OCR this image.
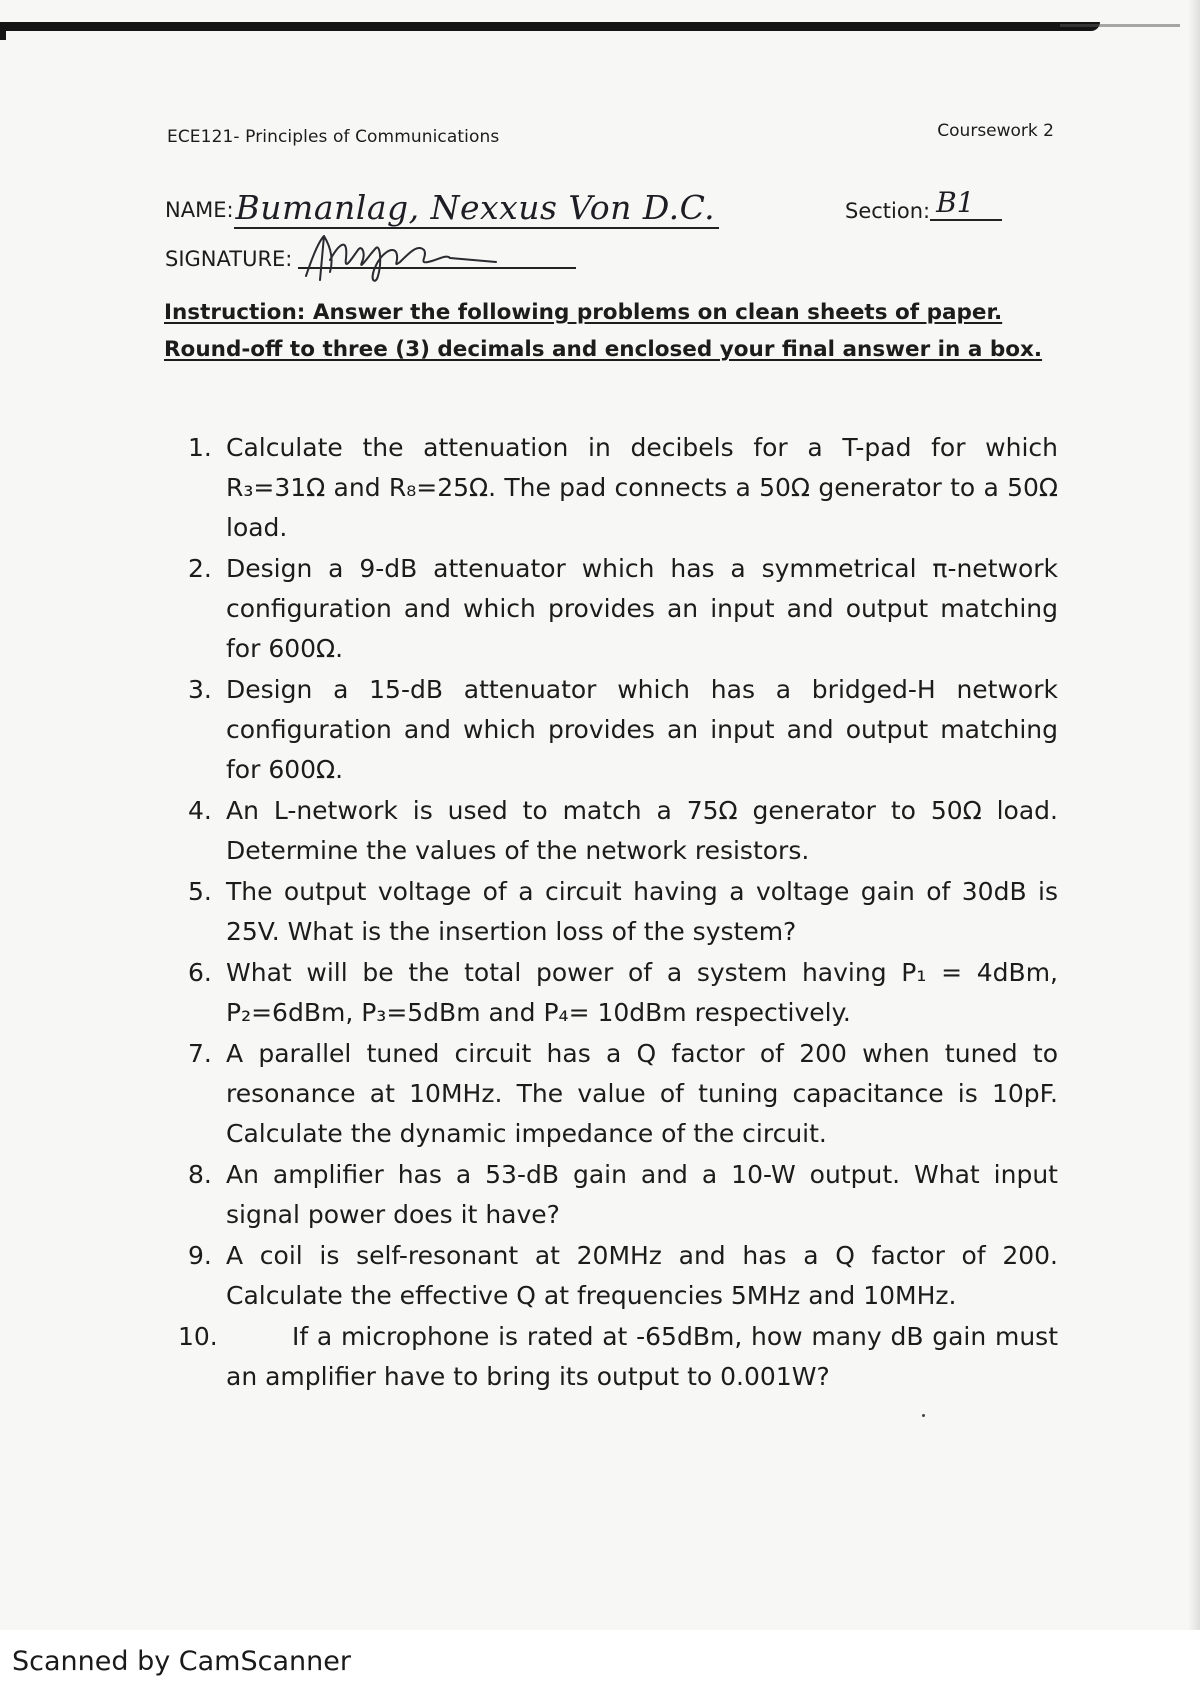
ECE121- Principles of Communications	Coursework 2
NAME:Bumanlag, Nexxus Von D.C.	Section: B1
SIGNATURE:
Instruction: Answer the following problems on clean sheets of paper. Round-off to three (3) decimals and enclosed your final answer in a box.
1. Calculate the attenuation in decibels for a T-pad for which R₃=31Ω and R₈=25Ω. The pad connects a 50Ω generator to a 50Ω load.
2. Design a 9-dB attenuator which has a symmetrical π-network configuration and which provides an input and output matching for 600Ω.
3. Design a 15-dB attenuator which has a bridged-H network configuration and which provides an input and output matching for 600Ω.
4. An L-network is used to match a 75Ω generator to 50Ω load. Determine the values of the network resistors.
5. The output voltage of a circuit having a voltage gain of 30dB is 25V. What is the insertion loss of the system?
6. What will be the total power of a system having P₁ = 4dBm, P₂=6dBm, P₃=5dBm and P₄= 10dBm respectively.
7. A parallel tuned circuit has a Q factor of 200 when tuned to resonance at 10MHz. The value of tuning capacitance is 10pF. Calculate the dynamic impedance of the circuit.
8. An amplifier has a 53-dB gain and a 10-W output. What input signal power does it have?
9. A coil is self-resonant at 20MHz and has a Q factor of 200. Calculate the effective Q at frequencies 5MHz and 10MHz.
10.	If a microphone is rated at -65dBm, how many dB gain must an amplifier have to bring its output to 0.001W?
Scanned by CamScanner
